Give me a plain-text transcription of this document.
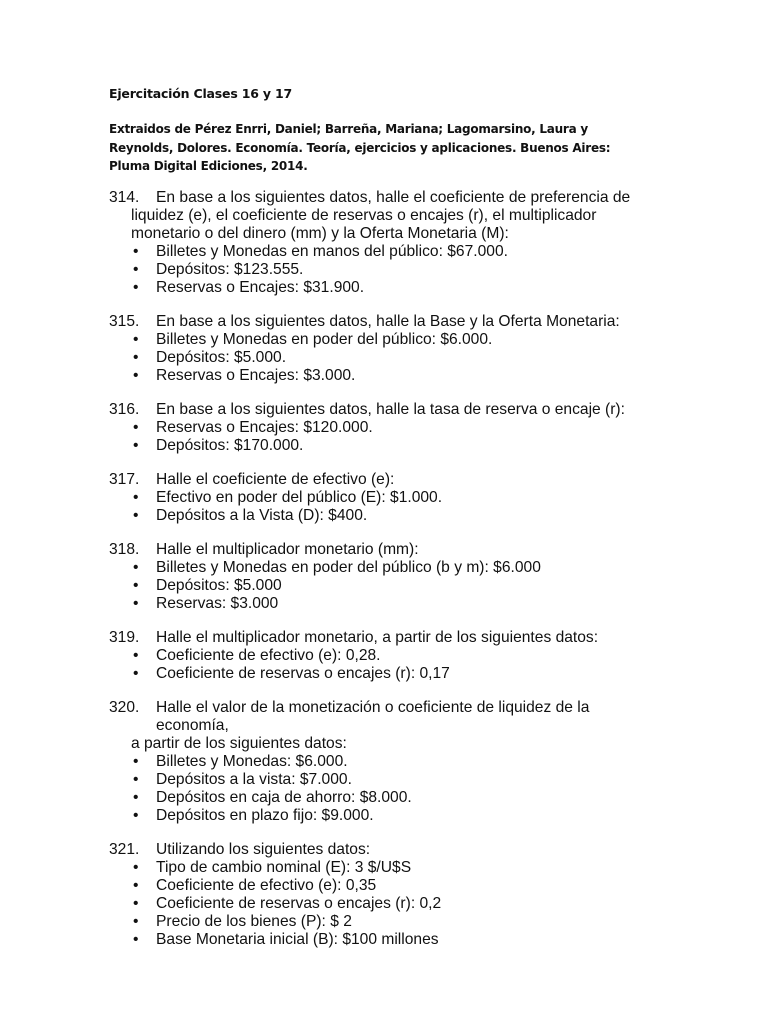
Ejercitación Clases 16 y 17
Extraidos de Pérez Enrri, Daniel; Barreña, Mariana; Lagomarsino, Laura y Reynolds, Dolores. Economía. Teoría, ejercicios y aplicaciones. Buenos Aires: Pluma Digital Ediciones, 2014.
314.	En base a los siguientes datos, halle el coeficiente de preferencia de
liquidez (e), el coeficiente de reservas o encajes (r), el multiplicador monetario o del dinero (mm) y la Oferta Monetaria (M):
•	Billetes y Monedas en manos del público: $67.000.
•	Depósitos: $123.555.
•	Reservas o Encajes: $31.900.
315.	En base a los siguientes datos, halle la Base y la Oferta Monetaria:
•	Billetes y Monedas en poder del público: $6.000.
•	Depósitos: $5.000.
•	Reservas o Encajes: $3.000.
316.	En base a los siguientes datos, halle la tasa de reserva o encaje (r):
•	Reservas o Encajes: $120.000.
•	Depósitos: $170.000.
317.	Halle el coeficiente de efectivo (e):
•	Efectivo en poder del público (E): $1.000.
•	Depósitos a la Vista (D): $400.
318.	Halle el multiplicador monetario (mm):
•	Billetes y Monedas en poder del público (b y m): $6.000
•	Depósitos: $5.000
•	Reservas: $3.000
319.	Halle el multiplicador monetario, a partir de los siguientes datos:
•	Coeficiente de efectivo (e): 0,28.
•	Coeficiente de reservas o encajes (r): 0,17
320.	Halle el valor de la monetización o coeficiente de liquidez de la economía,
a partir de los siguientes datos:
•	Billetes y Monedas: $6.000.
•	Depósitos a la vista: $7.000.
•	Depósitos en caja de ahorro: $8.000.
•	Depósitos en plazo fijo: $9.000.
321.	Utilizando los siguientes datos:
•	Tipo de cambio nominal (E): 3 $/U$S
•	Coeficiente de efectivo (e): 0,35
•	Coeficiente de reservas o encajes (r): 0,2
•	Precio de los bienes (P): $ 2
•	Base Monetaria inicial (B): $100 millones
